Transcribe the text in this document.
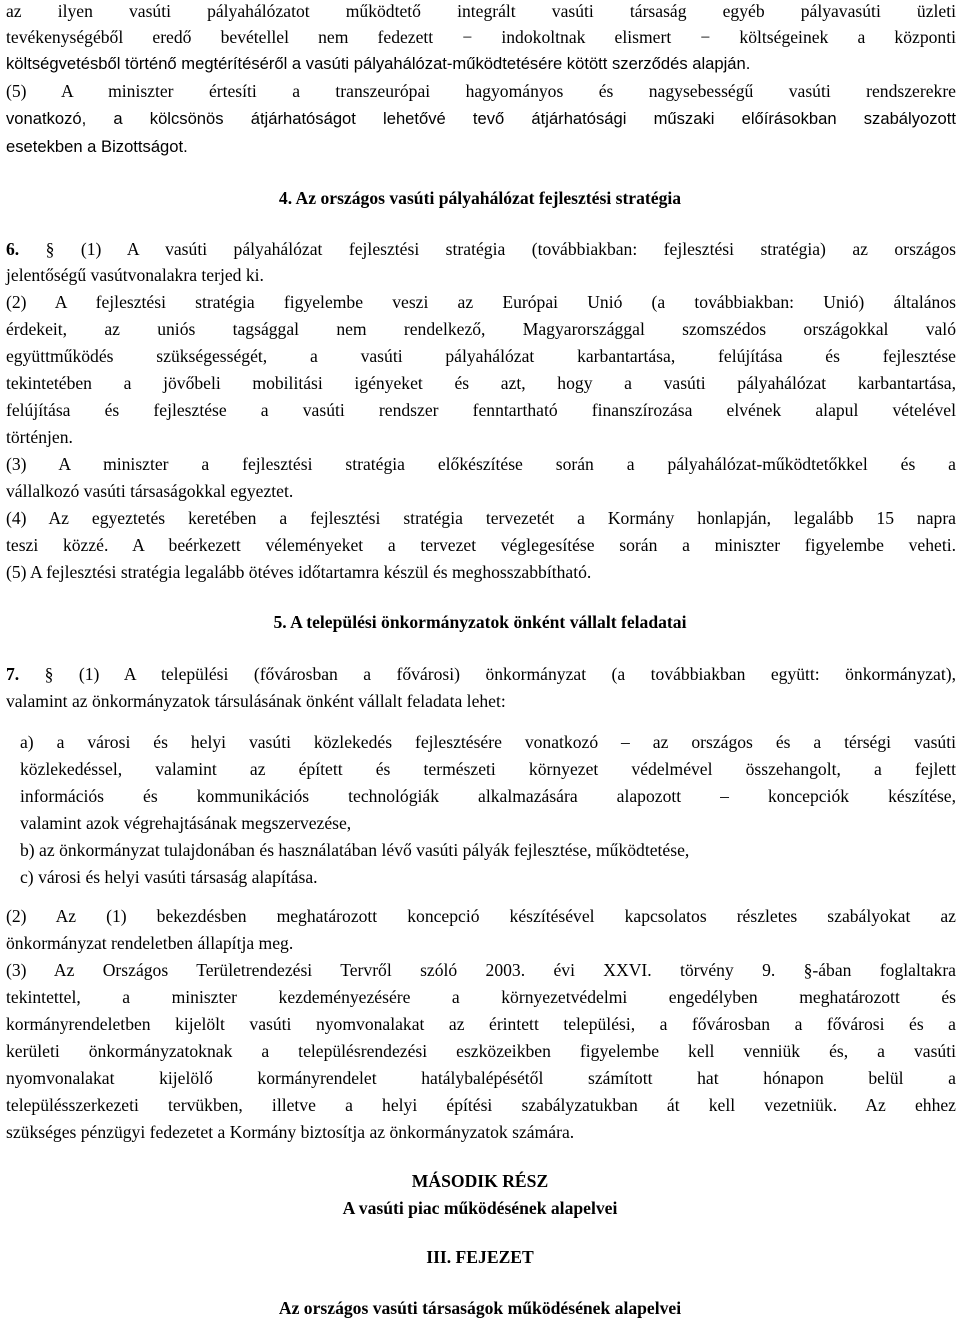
az ilyen vasúti pályahálózatot működtető integrált vasúti társaság egyéb pályavasúti üzleti
tevékenységéből eredő bevétellel nem fedezett − indokoltnak elismert − költségeinek a központi
költségvetésből történő megtérítéséről a vasúti pályahálózat-működtetésére kötött szerződés alapján.
(5) A miniszter értesíti a transzeurópai hagyományos és nagysebességű vasúti rendszerekre
vonatkozó, a kölcsönös átjárhatóságot lehetővé tevő átjárhatósági műszaki előírásokban szabályozott
esetekben a Bizottságot.
4. Az országos vasúti pályahálózat fejlesztési stratégia
6. § (1) A vasúti pályahálózat fejlesztési stratégia (továbbiakban: fejlesztési stratégia) az országos
jelentőségű vasútvonalakra terjed ki.
(2) A fejlesztési stratégia figyelembe veszi az Európai Unió (a továbbiakban: Unió) általános
érdekeit, az uniós tagsággal nem rendelkező, Magyarországgal szomszédos országokkal való
együttműködés szükségességét, a vasúti pályahálózat karbantartása, felújítása és fejlesztése
tekintetében a jövőbeli mobilitási igényeket és azt, hogy a vasúti pályahálózat karbantartása,
felújítása és fejlesztése a vasúti rendszer fenntartható finanszírozása elvének alapul vételével
történjen.
(3) A miniszter a fejlesztési stratégia előkészítése során a pályahálózat-működtetőkkel és a
vállalkozó vasúti társaságokkal egyeztet.
(4) Az egyeztetés keretében a fejlesztési stratégia tervezetét a Kormány honlapján, legalább 15 napra
teszi közzé. A beérkezett véleményeket a tervezet véglegesítése során a miniszter figyelembe veheti.
(5) A fejlesztési stratégia legalább ötéves időtartamra készül és meghosszabbítható.
5. A települési önkormányzatok önként vállalt feladatai
7. § (1) A települési (fővárosban a fővárosi) önkormányzat (a továbbiakban együtt: önkormányzat),
valamint az önkormányzatok társulásának önként vállalt feladata lehet:
a) a városi és helyi vasúti közlekedés fejlesztésére vonatkozó – az országos és a térségi vasúti
közlekedéssel, valamint az épített és természeti környezet védelmével összehangolt, a fejlett
információs és kommunikációs technológiák alkalmazására alapozott – koncepciók készítése,
valamint azok végrehajtásának megszervezése,
b) az önkormányzat tulajdonában és használatában lévő vasúti pályák fejlesztése, működtetése,
c) városi és helyi vasúti társaság alapítása.
(2) Az (1) bekezdésben meghatározott koncepció készítésével kapcsolatos részletes szabályokat az
önkormányzat rendeletben állapítja meg.
(3) Az Országos Területrendezési Tervről szóló 2003. évi XXVI. törvény 9. §-ában foglaltakra
tekintettel, a miniszter kezdeményezésére a környezetvédelmi engedélyben meghatározott és
kormányrendeletben kijelölt vasúti nyomvonalakat az érintett települési, a fővárosban a fővárosi és a
kerületi önkormányzatoknak a településrendezési eszközeikben figyelembe kell venniük és, a vasúti
nyomvonalakat kijelölő kormányrendelet hatálybalépésétől számított hat hónapon belül a
településszerkezeti tervükben, illetve a helyi építési szabályzatukban át kell vezetniük. Az ehhez
szükséges pénzügyi fedezetet a Kormány biztosítja az önkormányzatok számára.
MÁSODIK RÉSZ
A vasúti piac működésének alapelvei
III. FEJEZET
Az országos vasúti társaságok működésének alapelvei
